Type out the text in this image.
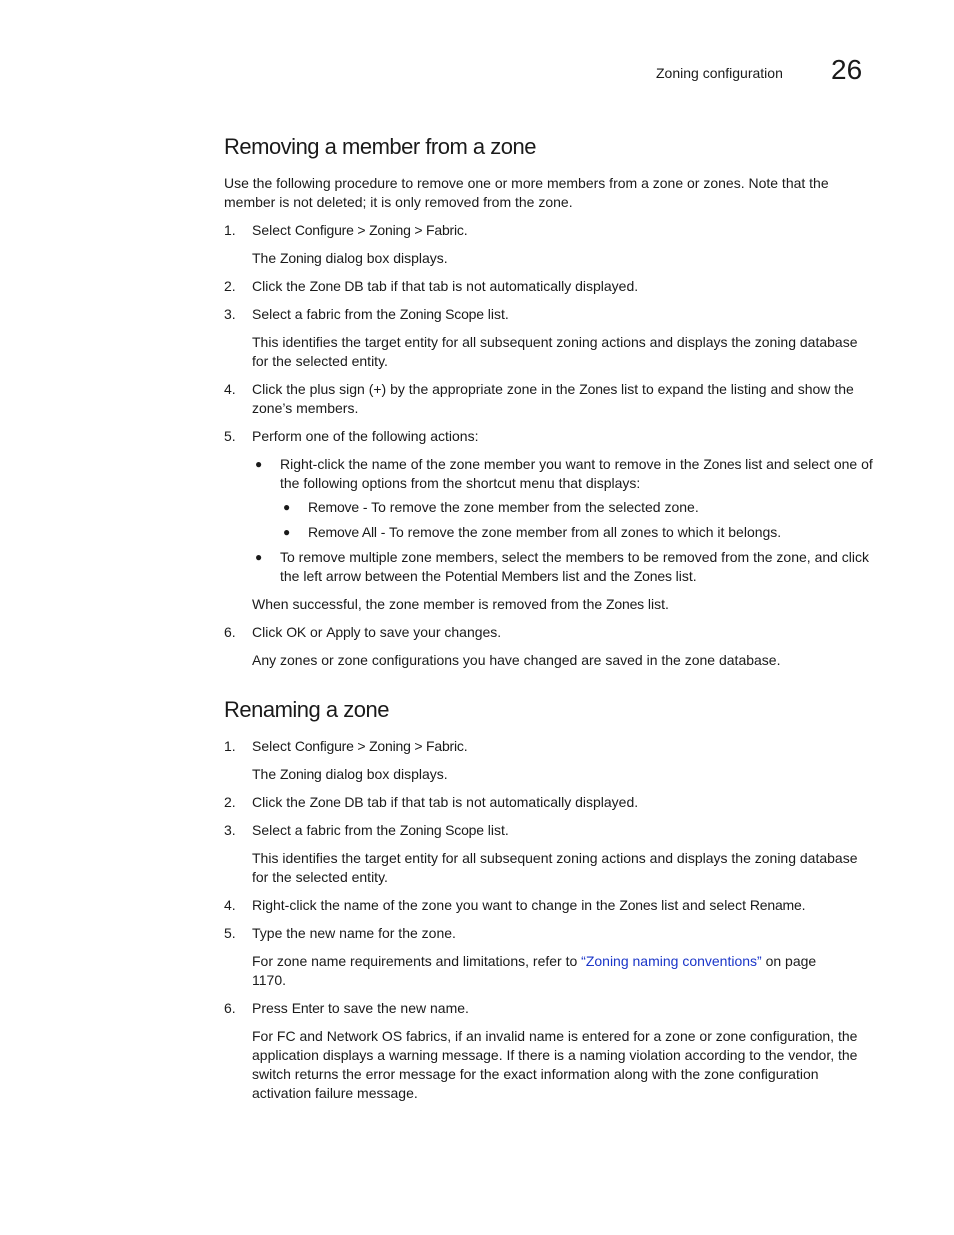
Zoning configuration 26
Removing a member from a zone
Use the following procedure to remove one or more members from a zone or zones. Note that the member is not deleted; it is only removed from the zone.
1. Select Configure > Zoning > Fabric.
The Zoning dialog box displays.
2. Click the Zone DB tab if that tab is not automatically displayed.
3. Select a fabric from the Zoning Scope list.
This identifies the target entity for all subsequent zoning actions and displays the zoning database for the selected entity.
4. Click the plus sign (+) by the appropriate zone in the Zones list to expand the listing and show the zone’s members.
5. Perform one of the following actions:
● Right-click the name of the zone member you want to remove in the Zones list and select one of the following options from the shortcut menu that displays:
● Remove - To remove the zone member from the selected zone.
● Remove All - To remove the zone member from all zones to which it belongs.
● To remove multiple zone members, select the members to be removed from the zone, and click the left arrow between the Potential Members list and the Zones list.
When successful, the zone member is removed from the Zones list.
6. Click OK or Apply to save your changes.
Any zones or zone configurations you have changed are saved in the zone database.
Renaming a zone
1. Select Configure > Zoning > Fabric.
The Zoning dialog box displays.
2. Click the Zone DB tab if that tab is not automatically displayed.
3. Select a fabric from the Zoning Scope list.
This identifies the target entity for all subsequent zoning actions and displays the zoning database for the selected entity.
4. Right-click the name of the zone you want to change in the Zones list and select Rename.
5. Type the new name for the zone.
For zone name requirements and limitations, refer to “Zoning naming conventions” on page 1170.
6. Press Enter to save the new name.
For FC and Network OS fabrics, if an invalid name is entered for a zone or zone configuration, the application displays a warning message. If there is a naming violation according to the vendor, the switch returns the error message for the exact information along with the zone configuration activation failure message.
